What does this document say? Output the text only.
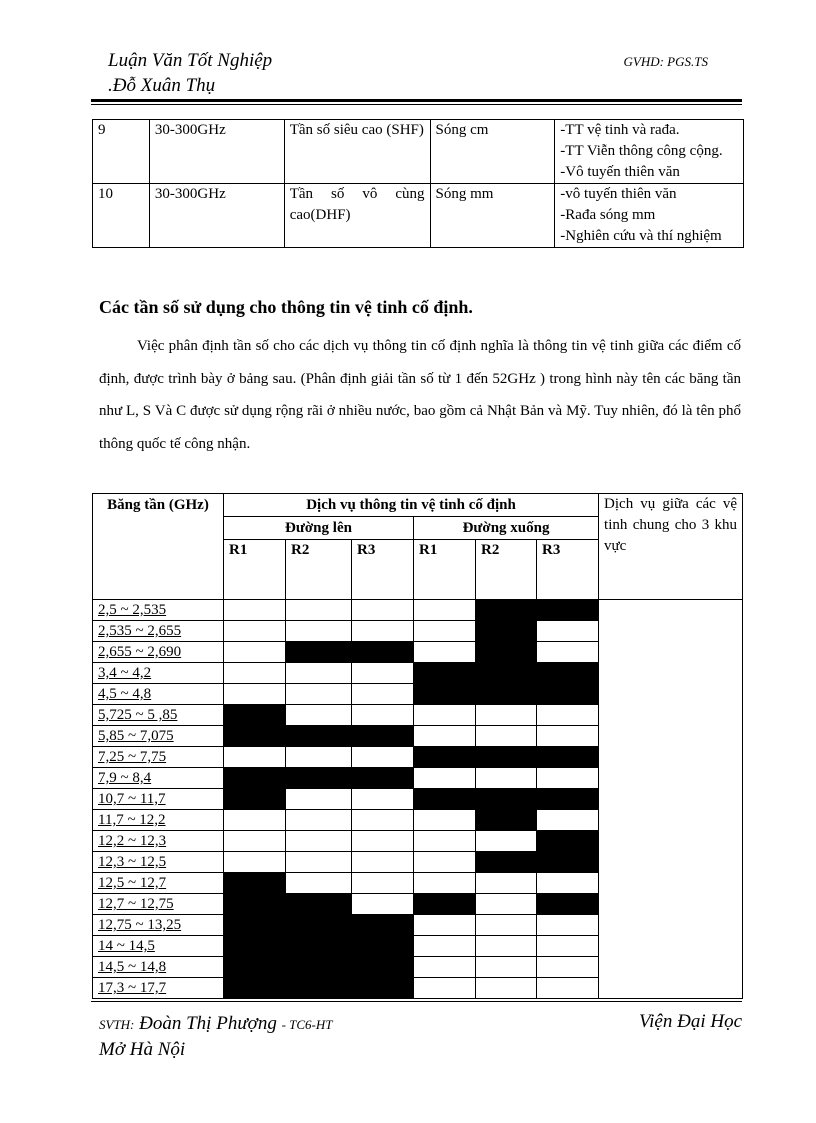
Luận Văn Tốt Nghiệp
.Đỗ Xuân Thụ
GVHD: PGS.TS
9	30-300GHz	Tần số siêu cao (SHF)	Sóng cm	-TT vệ tinh và rađa.
-TT Viễn thông công cộng.
-Vô tuyến thiên văn

10	30-300GHz	Tần số vô cùng cao(DHF)	Sóng mm	-vô tuyến thiên văn
-Rađa sóng mm
-Nghiên cứu và thí nghiệm
Các tần số sử dụng cho thông tin vệ tinh cố định.

Việc phân định tần số cho các dịch vụ thông tin cố định nghĩa là thông tin vệ tinh giữa các điểm cố định, được trình bày ở bảng sau. (Phân định giải tần số từ 1 đến 52GHz ) trong hình này tên các băng tần như L, S Và C được sử dụng rộng rãi ở nhiều nước, bao gồm cả Nhật Bản và Mỹ. Tuy nhiên, đó là tên phổ thông quốc tế công nhận.

Băng tần (GHz)	Dịch vụ thông tin vệ tinh cố định						Dịch vụ giữa các vệ tinh chung cho 3 khu vực
	Đường lên			Đường xuống			
	R1	R2	R3	R1	R2	R3	
2,5 ~ 2,535							
2,535 ~ 2,655							
2,655 ~ 2,690							
3,4 ~ 4,2							
4,5 ~ 4,8							
5,725 ~ 5 ,85							
5,85 ~ 7,075							
7,25 ~ 7,75							
7,9 ~ 8,4							
10,7 ~ 11,7							
11,7 ~ 12,2							
12,2 ~ 12,3							
12,3 ~ 12,5							
12,5 ~ 12,7							
12,7 ~ 12,75							
12,75 ~ 13,25							
14 ~ 14,5							
14,5 ~ 14,8							
17,3 ~ 17,7							
SVTH: Đoàn Thị Phượng - TC6-HT
Mở Hà Nội
Viện Đại Học
